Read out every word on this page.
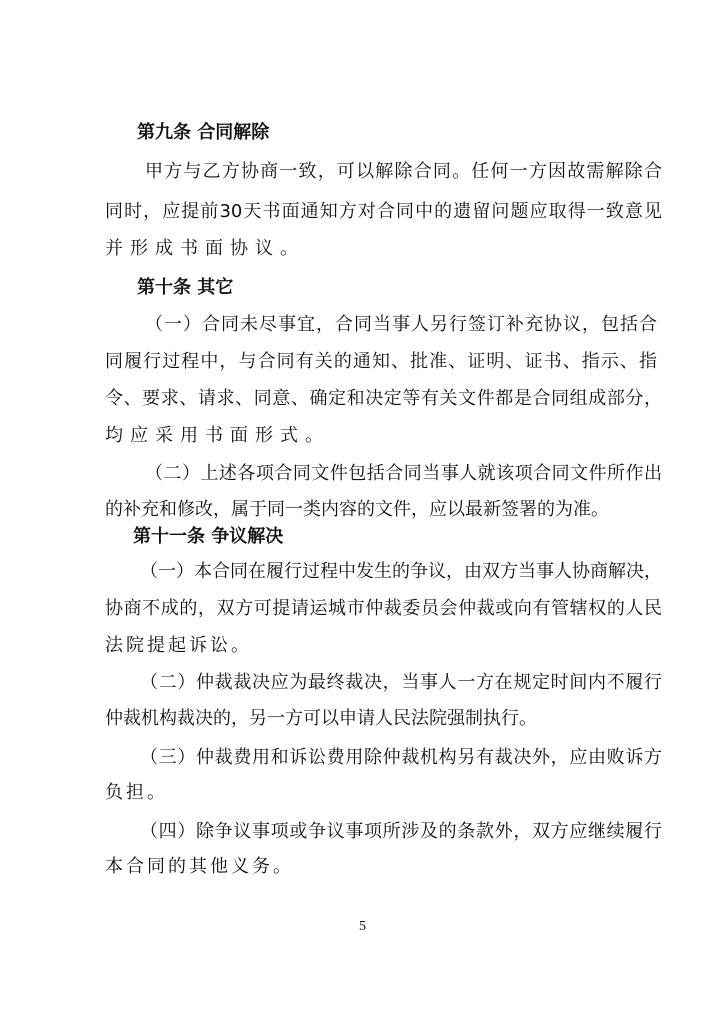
第九条 合同解除
甲方与乙方协商一致，可以解除合同。任何一方因故需解除合
同时，应提前30天书面通知方对合同中的遗留问题应取得一致意见
并形成书面协议。
第十条 其它
（一）合同未尽事宜，合同当事人另行签订补充协议，包括合
同履行过程中，与合同有关的通知、批准、证明、证书、指示、指
令、要求、请求、同意、确定和决定等有关文件都是合同组成部分，
均应采用书面形式。
（二）上述各项合同文件包括合同当事人就该项合同文件所作出
的补充和修改，属于同一类内容的文件，应以最新签署的为准。
第十一条 争议解决
（一）本合同在履行过程中发生的争议，由双方当事人协商解决，
协商不成的，双方可提请运城市仲裁委员会仲裁或向有管辖权的人民
法院提起诉讼。
（二）仲裁裁决应为最终裁决，当事人一方在规定时间内不履行
仲裁机构裁决的，另一方可以申请人民法院强制执行。
（三）仲裁费用和诉讼费用除仲裁机构另有裁决外，应由败诉方
负担。
（四）除争议事项或争议事项所涉及的条款外，双方应继续履行
本合同的其他义务。
5
